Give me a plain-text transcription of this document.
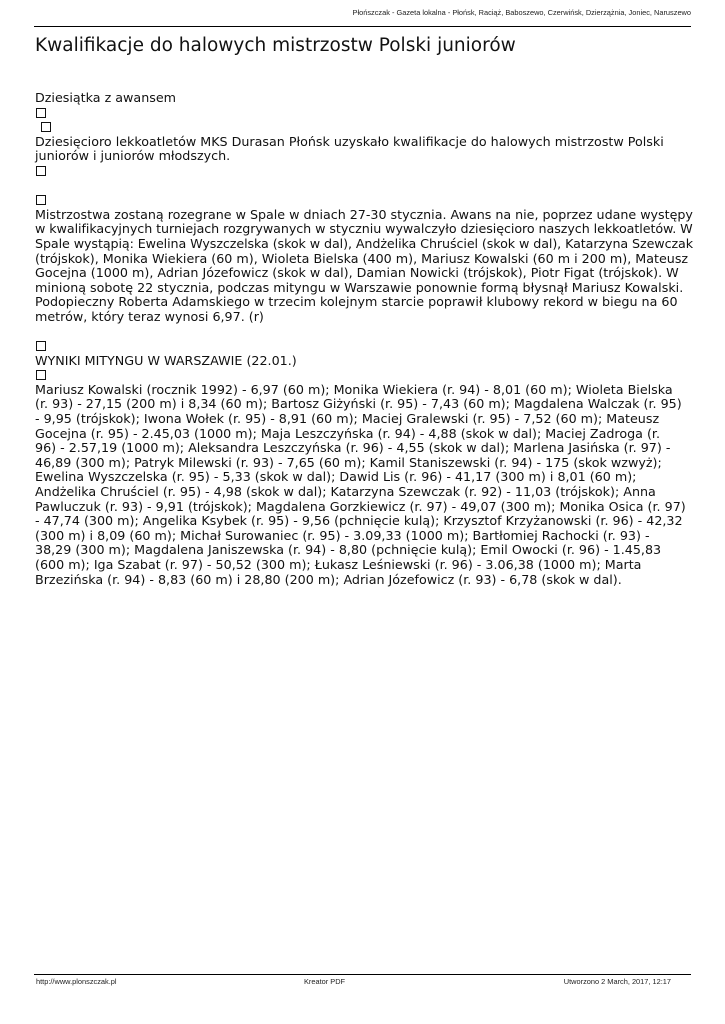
Płońszczak - Gazeta lokalna - Płońsk, Raciąż, Baboszewo, Czerwińsk, Dzierzążnia, Joniec, Naruszewo
Kwalifikacje do halowych mistrzostw Polski juniorów
Dziesiątka z awansem
Dziesięcioro lekkoatletów MKS Durasan Płońsk uzyskało kwalifikacje do halowych mistrzostw Polski
juniorów i juniorów młodszych.
Mistrzostwa zostaną rozegrane w Spale w dniach 27-30 stycznia. Awans na nie, poprzez udane występy
w kwalifikacyjnych turniejach rozgrywanych w styczniu wywalczyło dziesięcioro naszych lekkoatletów. W
Spale wystąpią: Ewelina Wyszczelska (skok w dal), Andżelika Chruściel (skok w dal), Katarzyna Szewczak
(trójskok), Monika Wiekiera (60 m), Wioleta Bielska (400 m), Mariusz Kowalski (60 m i 200 m), Mateusz
Gocejna (1000 m), Adrian Józefowicz (skok w dal), Damian Nowicki (trójskok), Piotr Figat (trójskok). W
minioną sobotę 22 stycznia, podczas mityngu w Warszawie ponownie formą błysnął Mariusz Kowalski.
Podopieczny Roberta Adamskiego w trzecim kolejnym starcie poprawił klubowy rekord w biegu na 60
metrów, który teraz wynosi 6,97. (r)
WYNIKI MITYNGU W WARSZAWIE (22.01.)
Mariusz Kowalski (rocznik 1992) - 6,97 (60 m); Monika Wiekiera (r. 94) - 8,01 (60 m); Wioleta Bielska
(r. 93) - 27,15 (200 m) i 8,34 (60 m); Bartosz Giżyński (r. 95) - 7,43 (60 m); Magdalena Walczak (r. 95)
- 9,95 (trójskok); Iwona Wołek (r. 95) - 8,91 (60 m); Maciej Gralewski (r. 95) - 7,52 (60 m); Mateusz
Gocejna (r. 95) - 2.45,03 (1000 m); Maja Leszczyńska (r. 94) - 4,88 (skok w dal); Maciej Zadroga (r.
96) - 2.57,19 (1000 m); Aleksandra Leszczyńska (r. 96) - 4,55 (skok w dal); Marlena Jasińska (r. 97) -
46,89 (300 m); Patryk Milewski (r. 93) - 7,65 (60 m); Kamil Staniszewski (r. 94) - 175 (skok wzwyż);
Ewelina Wyszczelska (r. 95) - 5,33 (skok w dal); Dawid Lis (r. 96) - 41,17 (300 m) i 8,01 (60 m);
Andżelika Chruściel (r. 95) - 4,98 (skok w dal); Katarzyna Szewczak (r. 92) - 11,03 (trójskok); Anna
Pawluczuk (r. 93) - 9,91 (trójskok); Magdalena Gorzkiewicz (r. 97) - 49,07 (300 m); Monika Osica (r. 97)
- 47,74 (300 m); Angelika Ksybek (r. 95) - 9,56 (pchnięcie kulą); Krzysztof Krzyżanowski (r. 96) - 42,32
(300 m) i 8,09 (60 m); Michał Surowaniec (r. 95) - 3.09,33 (1000 m); Bartłomiej Rachocki (r. 93) -
38,29 (300 m); Magdalena Janiszewska (r. 94) - 8,80 (pchnięcie kulą); Emil Owocki (r. 96) - 1.45,83
(600 m); Iga Szabat (r. 97) - 50,52 (300 m); Łukasz Leśniewski (r. 96) - 3.06,38 (1000 m); Marta
Brzezińska (r. 94) - 8,83 (60 m) i 28,80 (200 m); Adrian Józefowicz (r. 93) - 6,78 (skok w dal).
http://www.plonszczak.pl	Kreator PDF	Utworzono 2 March, 2017, 12:17
